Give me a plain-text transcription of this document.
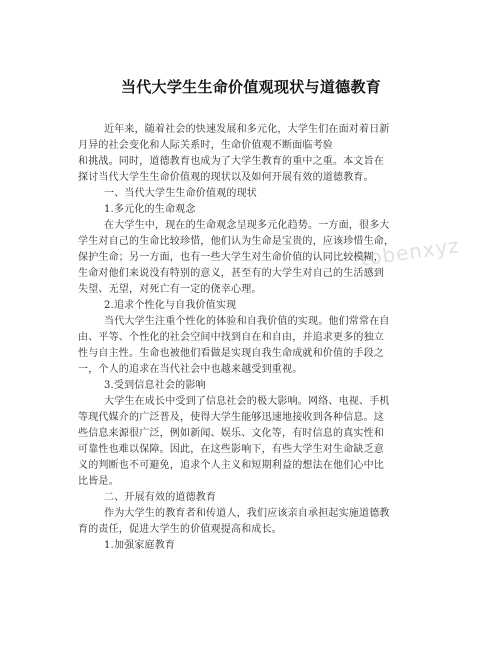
当代大学生生命价值观现状与道德教育
近年来，随着社会的快速发展和多元化，大学生们在面对着日新
月异的社会变化和人际关系时，生命价值观不断面临考验
和挑战。同时，道德教育也成为了大学生教育的重中之重。本文旨在
探讨当代大学生生命价值观的现状以及如何开展有效的道德教育。
一、当代大学生生命价值观的现状
1.多元化的生命观念
在大学生中，现在的生命观念呈现多元化趋势。一方面，很多大
学生对自己的生命比较珍惜，他们认为生命是宝贵的，应该珍惜生命，
保护生命；另一方面，也有一些大学生对生命价值的认同比较模糊，
生命对他们来说没有特别的意义，甚至有的大学生对自己的生活感到
失望、无望，对死亡有一定的侥幸心理。
2.追求个性化与自我价值实现
当代大学生注重个性化的体验和自我价值的实现。他们常常在自
由、平等、个性化的社会空间中找到自在和自由，并追求更多的独立
性与自主性。生命也被他们看做是实现自我生命成就和价值的手段之
一，个人的追求在当代社会中也越来越受到重视。
3.受到信息社会的影响
大学生在成长中受到了信息社会的极大影响。网络、电视、手机
等现代媒介的广泛普及，使得大学生能够迅速地接收到各种信息。这
些信息来源很广泛，例如新闻、娱乐、文化等，有时信息的真实性和
可靠性也难以保障。因此，在这些影响下，有些大学生对生命缺乏意
义的判断也不可避免，追求个人主义和短期利益的想法在他们心中比
比皆是。
二、开展有效的道德教育
作为大学生的教育者和传道人，我们应该亲自承担起实施道德教
育的责任，促进大学生的价值观提高和成长。
1.加强家庭教育
tobenxyz
